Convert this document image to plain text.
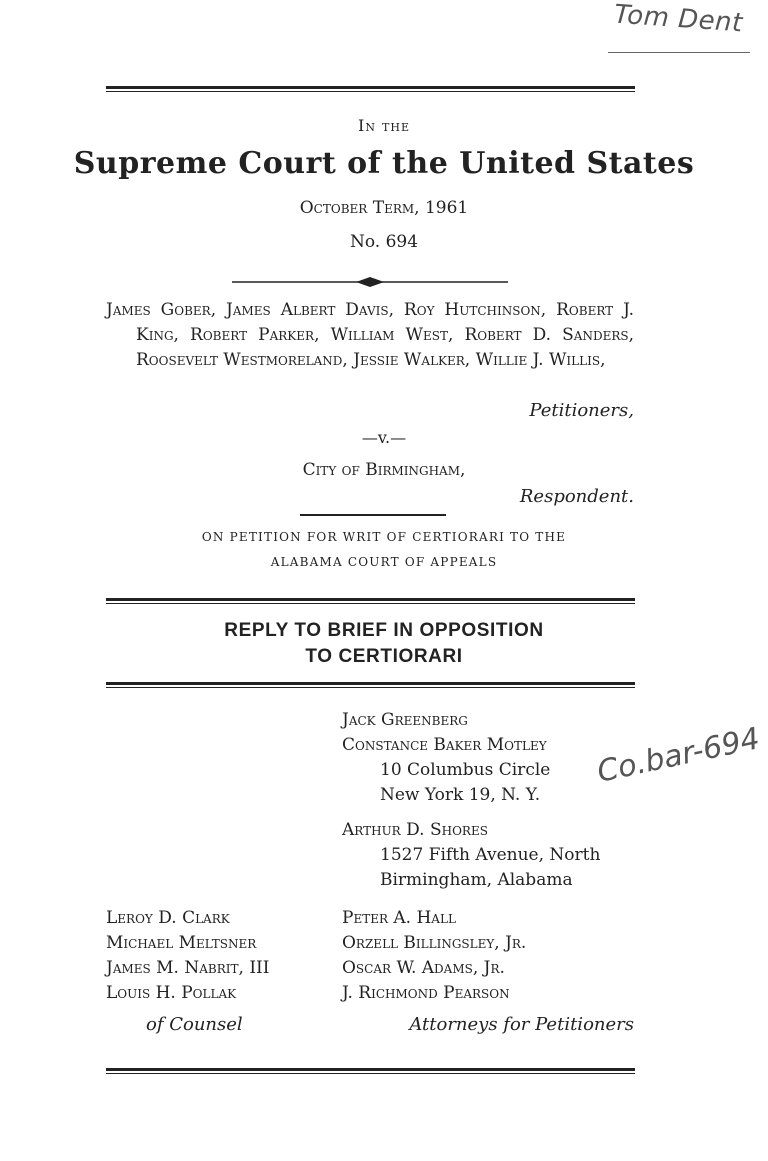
Tom Dent
Co.bar-694
In the
Supreme Court of the United States
October Term, 1961
No. 694
James Gober, James Albert Davis, Roy Hutchinson, Robert J. King, Robert Parker, William West, Robert D. Sanders, Roosevelt Westmoreland, Jessie Walker, Willie J. Willis,
Petitioners,
—v.—
City of Birmingham,
Respondent.
ON PETITION FOR WRIT OF CERTIORARI TO THE
ALABAMA COURT OF APPEALS
REPLY TO BRIEF IN OPPOSITION
TO CERTIORARI
Jack Greenberg
Constance Baker Motley
10 Columbus Circle
New York 19, N. Y.
Arthur D. Shores
1527 Fifth Avenue, North
Birmingham, Alabama
Leroy D. Clark
Michael Meltsner
James M. Nabrit, III
Louis H. Pollak
Peter A. Hall
Orzell Billingsley, Jr.
Oscar W. Adams, Jr.
J. Richmond Pearson
of Counsel	Attorneys for Petitioners
